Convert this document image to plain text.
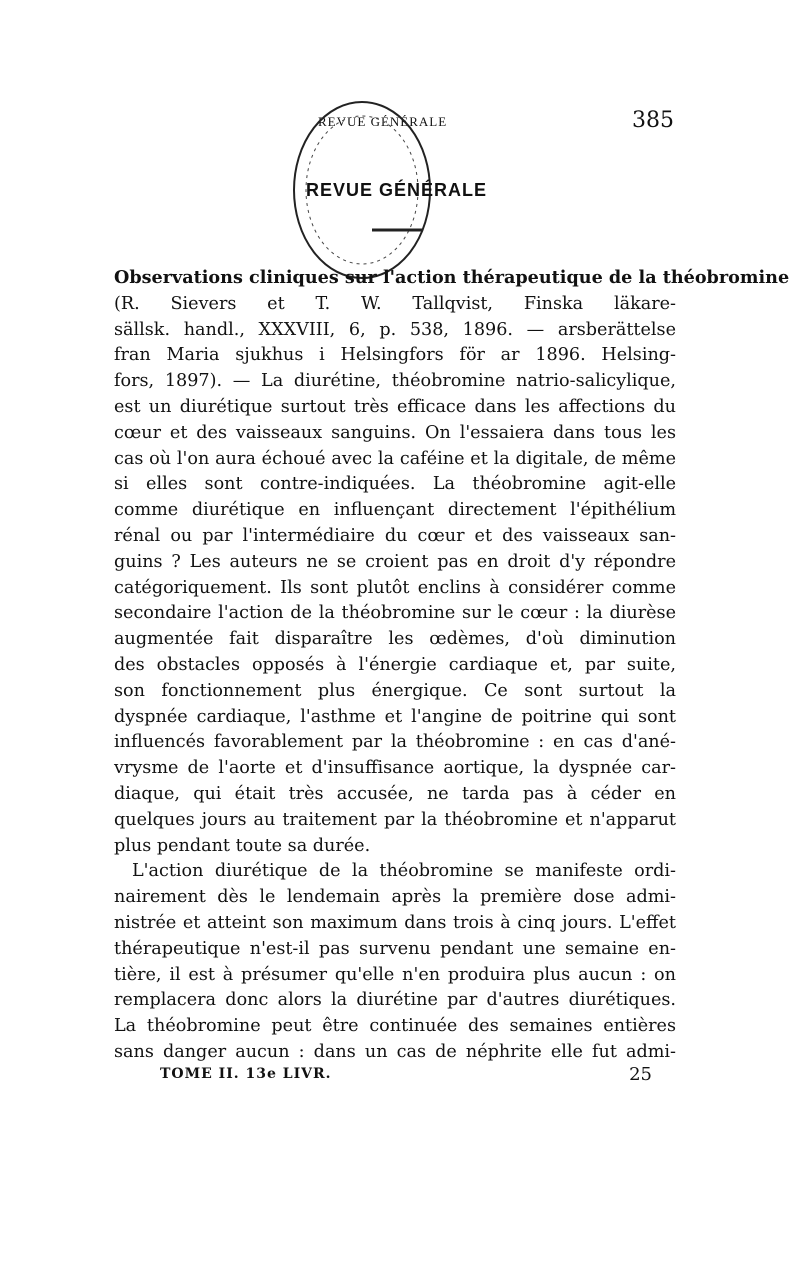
REVUE GÉNÉRALE	385
REVUE GÉNÉRALE
Observations cliniques sur l'action thérapeutique de la théobromine
(R. Sievers et T. W. Tallqvist, Finska läkare-
sällsk. handl., XXXVIII, 6, p. 538, 1896. — arsberättelse
fran Maria sjukhus i Helsingfors för ar 1896. Helsing-
fors, 1897). — La diurétine, théobromine natrio-salicylique,
est un diurétique surtout très efficace dans les affections du
cœur et des vaisseaux sanguins. On l'essaiera dans tous les
cas où l'on aura échoué avec la caféine et la digitale, de même
si elles sont contre-indiquées. La théobromine agit-elle
comme diurétique en influençant directement l'épithélium
rénal ou par l'intermédiaire du cœur et des vaisseaux san-
guins ? Les auteurs ne se croient pas en droit d'y répondre
catégoriquement. Ils sont plutôt enclins à considérer comme
secondaire l'action de la théobromine sur le cœur : la diurèse
augmentée fait disparaître les œdèmes, d'où diminution
des obstacles opposés à l'énergie cardiaque et, par suite,
son fonctionnement plus énergique. Ce sont surtout la
dyspnée cardiaque, l'asthme et l'angine de poitrine qui sont
influencés favorablement par la théobromine : en cas d'ané-
vrysme de l'aorte et d'insuffisance aortique, la dyspnée car-
diaque, qui était très accusée, ne tarda pas à céder en
quelques jours au traitement par la théobromine et n'apparut
plus pendant toute sa durée.
L'action diurétique de la théobromine se manifeste ordi-
nairement dès le lendemain après la première dose admi-
nistrée et atteint son maximum dans trois à cinq jours. L'effet
thérapeutique n'est-il pas survenu pendant une semaine en-
tière, il est à présumer qu'elle n'en produira plus aucun : on
remplacera donc alors la diurétine par d'autres diurétiques.
La théobromine peut être continuée des semaines entières
sans danger aucun : dans un cas de néphrite elle fut admi-
TOME II. 13e LIVR.	25
